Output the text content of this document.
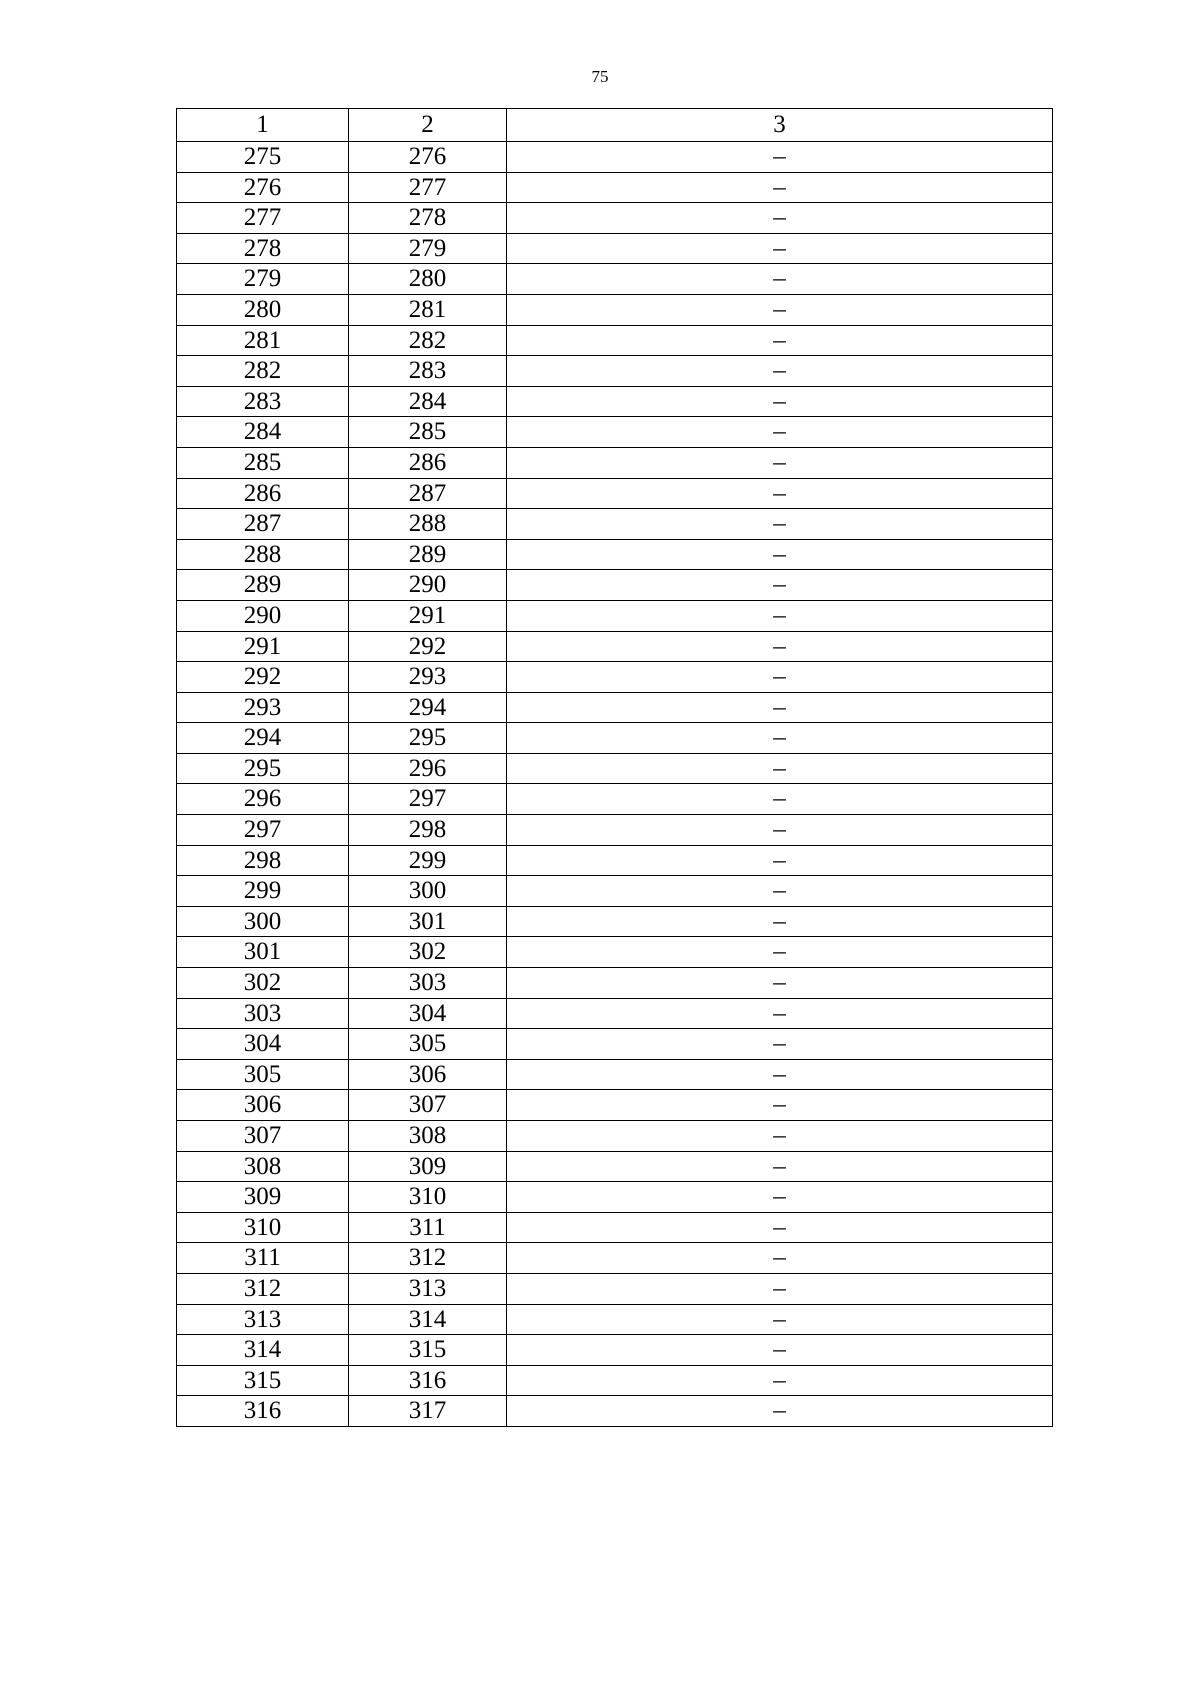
75
1	2	3
275	276	–
276	277	–
277	278	–
278	279	–
279	280	–
280	281	–
281	282	–
282	283	–
283	284	–
284	285	–
285	286	–
286	287	–
287	288	–
288	289	–
289	290	–
290	291	–
291	292	–
292	293	–
293	294	–
294	295	–
295	296	–
296	297	–
297	298	–
298	299	–
299	300	–
300	301	–
301	302	–
302	303	–
303	304	–
304	305	–
305	306	–
306	307	–
307	308	–
308	309	–
309	310	–
310	311	–
311	312	–
312	313	–
313	314	–
314	315	–
315	316	–
316	317	–
